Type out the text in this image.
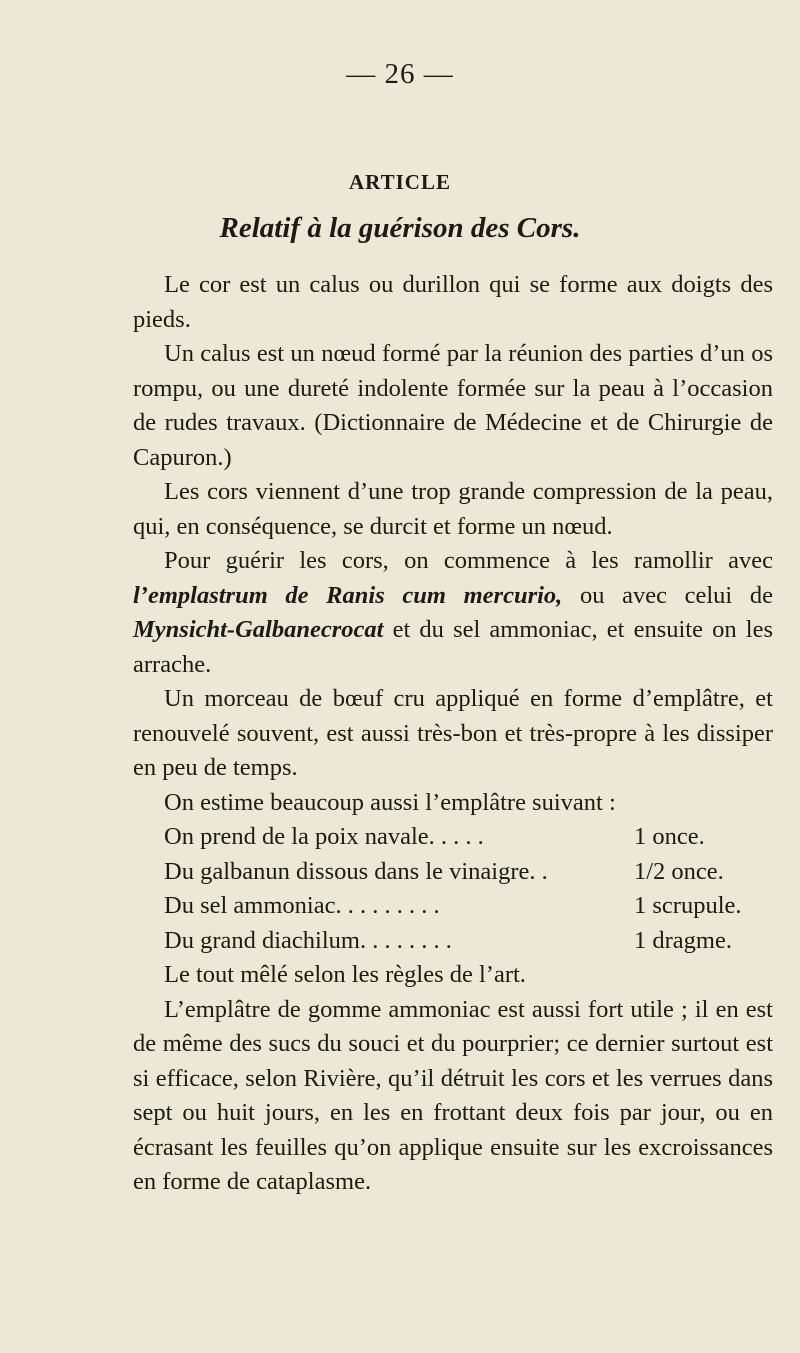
— 26 —
ARTICLE
Relatif à la guérison des Cors.

Le cor est un calus ou durillon qui se forme aux doigts des pieds.

Un calus est un nœud formé par la réunion des parties d’un os rompu, ou une dureté indolente formée sur la peau à l’occasion de rudes travaux. (Dictionnaire de Médecine et de Chirurgie de Capuron.)

Les cors viennent d’une trop grande compression de la peau, qui, en conséquence, se durcit et forme un nœud.

Pour guérir les cors, on commence à les ramollir avec l’emplastrum de Ranis cum mercurio, ou avec celui de Mynsicht-Galbanecrocat et du sel ammoniac, et ensuite on les arrache.

Un morceau de bœuf cru appliqué en forme d’emplâtre, et renouvelé souvent, est aussi très-bon et très-propre à les dissiper en peu de temps.

On estime beaucoup aussi l’emplâtre suivant :

On prend de la poix navale. . . . .	1 once.
Du galbanun dissous dans le vinaigre. .	1/2 once.
Du sel ammoniac. . . . . . . . .	1 scrupule.
Du grand diachilum. . . . . . . .	1 dragme.

Le tout mêlé selon les règles de l’art.

L’emplâtre de gomme ammoniac est aussi fort utile ; il en est de même des sucs du souci et du pourprier; ce dernier surtout est si efficace, selon Rivière, qu’il détruit les cors et les verrues dans sept ou huit jours, en les en frottant deux fois par jour, ou en écrasant les feuilles qu’on applique ensuite sur les excroissances en forme de cataplasme.
